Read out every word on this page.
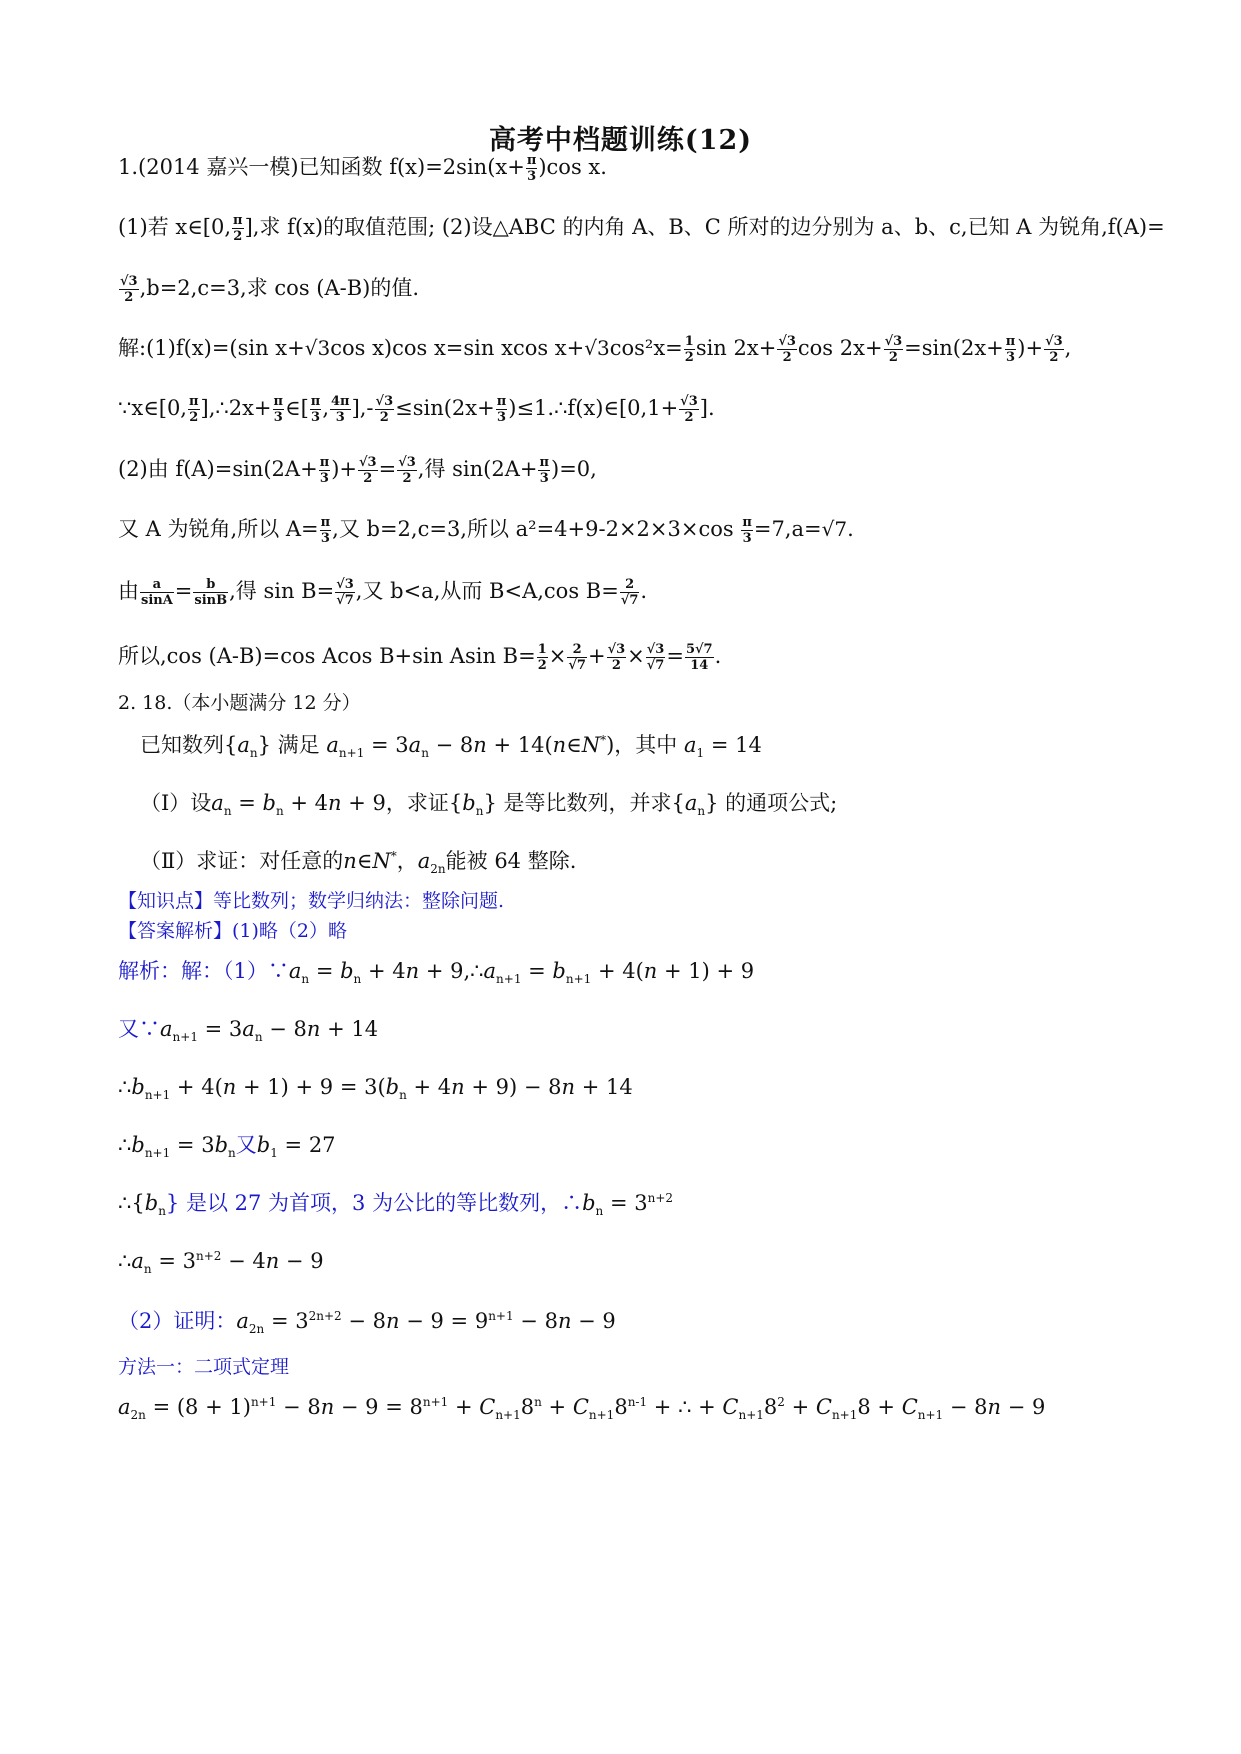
高考中档题训练(12)
1.(2014 嘉兴一模)已知函数 $f(x)=2\sin(x+ \frac{\pi}{3} )\cos$ x.
(1)若 x∈[0, $\frac{\pi}{2}$ ],求 f(x)的取值范围; (2)设△ABC 的内角 A、B、C 所对的边分别为 a、b、c,已知 A 为锐角,f(A)=
$\frac{√3}{2} ,b=2,c=3$,求 cos (A-B)的值.
解:(1)f(x)=(sin x+√3cos x)cos x=sin xcos $x+√3\cos^2x= \frac{1}{2}$ $\sin 2x+ \frac{√3}{2}$ $\cos 2x+ \frac{√3}{2} =\sin(2x+ \frac{\pi}{3}$ )+ $\frac{√3}{2}$ ,
∵x∈[0, $\frac{\pi}{2}$ ],∴2x+ $\frac{\pi}{3}$ ∈[ $\frac{\pi}{3}$ , $\frac{4\pi}{3}$ ],- $\frac{√3}{2} \le\sin(2x+ \frac{\pi}{3}$ )≤1.∴f(x)∈[0,1+ $\frac{√3}{2}$ ].
(2)由 $f(A)=\sin(2A+ \frac{\pi}{3}$ )+ $\frac{√3}{2} = \frac{√3}{2}$ ,得 $\sin(2A+ \frac{\pi}{3} )=0$,
又 A 为锐角,所以 $A= \frac{\pi}{3}$ ,又 b=2,c=3,所以 $a^2=4+9-2\times 2\times 3\times\cos \frac{\pi}{3} =7,a=√7$.
由 $\frac{a}{\sin A} = \frac{b}{\sin B}$ ,得 $\sin B= \frac{√3}{√7}$ ,又 b<a,从而 B<A,cos $B= \frac{2}{√7}$ .
所以,cos (A-B)=cos Acos B+sin Asin $B= \frac{1}{2} \times \frac{2}{√7} + \frac{√3}{2} \times \frac{√3}{√7} = \frac{5√7}{14}$ .
2. 18.（本小题满分 12 分）
已知数列$\{a_n\}$ 满足 $a_{n+1} = 3a_n - 8n$ + 14(n∈N*)，其中 $a_1 = 14$
（Ⅰ）设$a_n = b_n + 4n + 9$，求证$\{b_n\}$ 是等比数列，并求$\{a_n\}$ 的通项公式;
（Ⅱ）求证：对任意的n∈N*，$a_{2n}$能被 64 整除.
【知识点】等比数列；数学归纳法：整除问题.
【答案解析】(1)略（2）略
解析：解：$(1)\because a_n = b_n + 4n$ + $9,\therefore a_{n+1} = b_{n+1} + 4(n + 1) + 9$
又$\because a_{n+1} = 3a_n - 8n + 14$
$\therefore b_{n+1} + 4(n + 1) + 9 = 3(b_n + 4n + 9) - 8n + 14$
$\therefore b_{n+1} = 3b_n$又$b_1 = 27$
$\therefore\{b_n\}$ 是以 27 为首项，3 为公比的等比数列，$\therefore b_n = 3^{n+2}$
$\therefore a_n = 3^{n+2} - 4n - 9$
（2）证明：$a_{2n} = 3^{2n+2} - 8n - 9 = 9^{n+1} - 8n - 9$
方法一：二项式定理
$a_{2n} = (8 + 1)^{n+1} - 8n - 9 = 8^{n+1} + C_{n+1}8^n + C_{n+1}8^{n-1}$ + ∴ + $C_{n+1}8^2 + C_{n+1}8 + C_{n+1} - 8n - 9$
